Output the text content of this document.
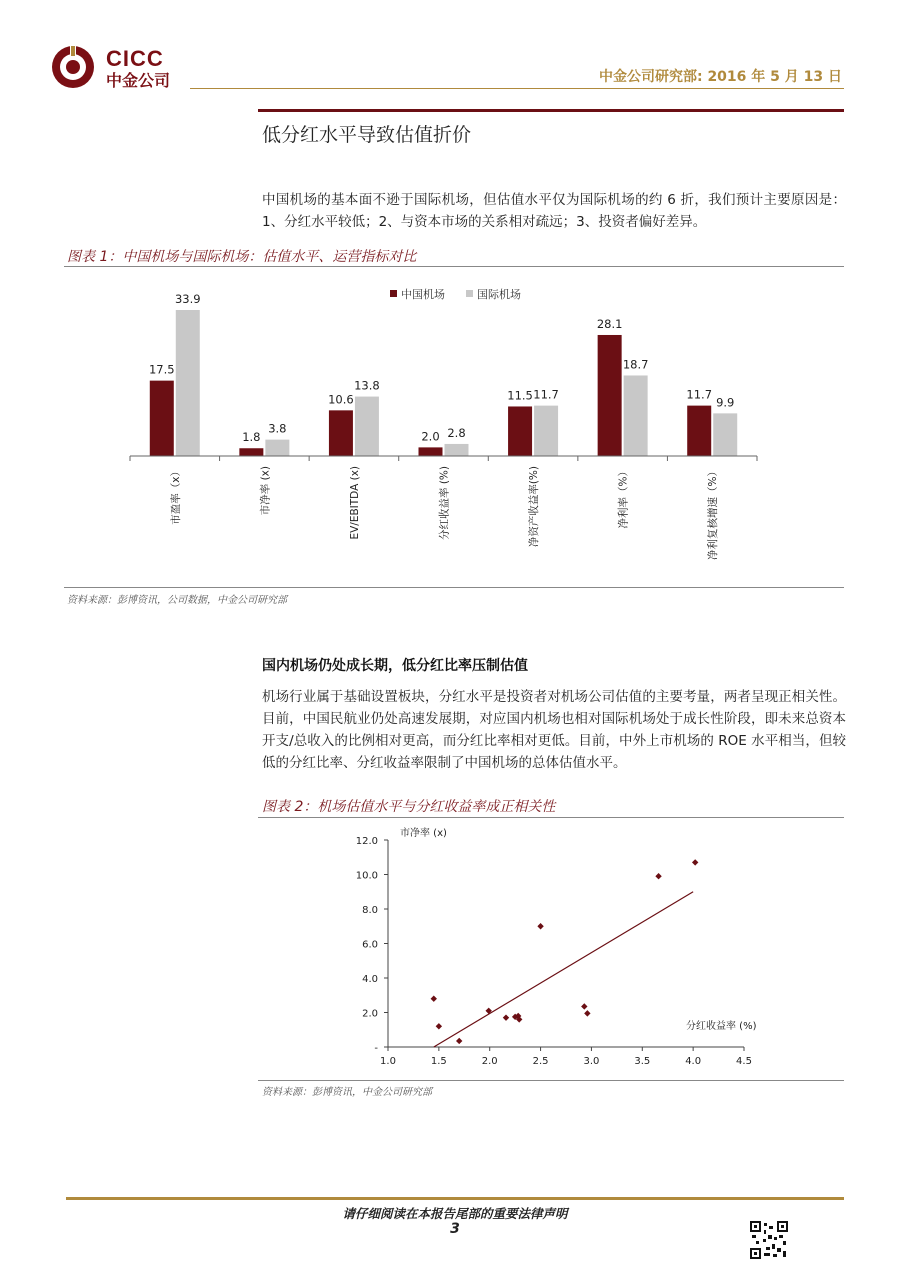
CICC
中金公司	中金公司研究部: 2016 年 5 月 13 日
低分红水平导致估值折价
中国机场的基本面不逊于国际机场，但估值水平仅为国际机场的约 6 折，我们预计主要原因是：1、分红水平较低；2、与资本市场的关系相对疏远；3、投资者偏好差异。
图表 1：中国机场与国际机场：估值水平、运营指标对比
中国机场	国际机场
17.5
33.9
1.8
3.8
10.6
13.8
2.0 2.8
11.5 11.7
28.1
18.7
11.7
9.9
市盈率（x）	市净率 (x)	EV/EBITDA (x)	分红收益率 (%)	净资产收益率(%)	净利率（%）	净利复核增速（%）
资料来源：彭博资讯，公司数据，中金公司研究部
国内机场仍处成长期，低分红比率压制估值
机场行业属于基础设置板块，分红水平是投资者对机场公司估值的主要考量，两者呈现正相关性。目前，中国民航业仍处高速发展期，对应国内机场也相对国际机场处于成长性阶段，即未来总资本开支/总收入的比例相对更高，而分红比率相对更低。目前，中外上市机场的 ROE 水平相当，但较低的分红比率、分红收益率限制了中国机场的总体估值水平。
图表 2：机场估值水平与分红收益率成正相关性
-
2.0
4.0
6.0
8.0
10.0
12.0
1.0	1.5	2.0	2.5	3.0	3.5	4.0	4.5
市净率 (x)
分红收益率 (%)
资料来源：彭博资讯，中金公司研究部
请仔细阅读在本报告尾部的重要法律声明
3
